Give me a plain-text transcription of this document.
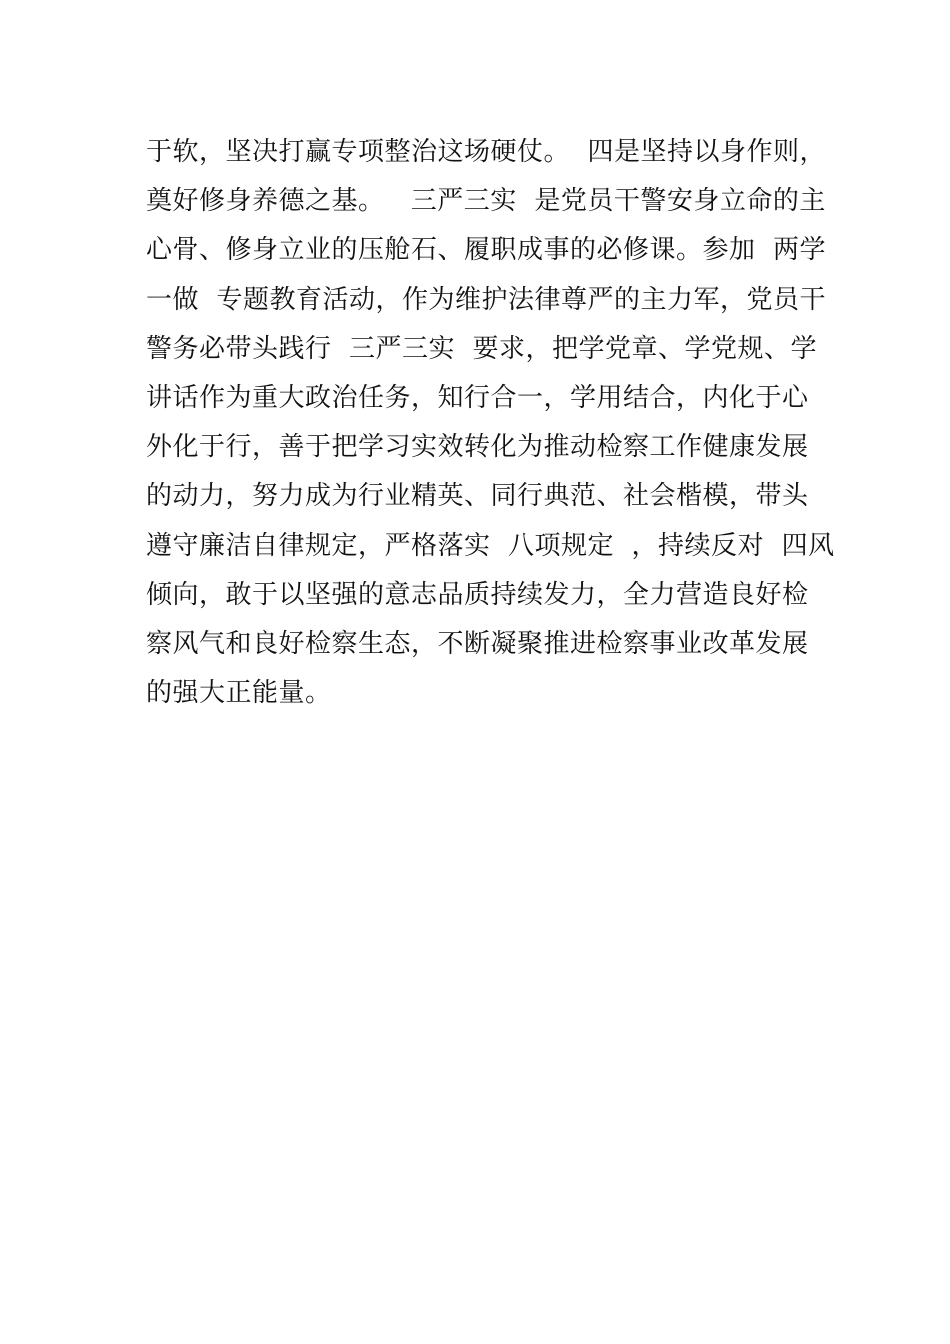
于软，坚决打赢专项整治这场硬仗。  四是坚持以身作则，
奠好修身养德之基。   三严三实  是党员干警安身立命的主
心骨、修身立业的压舱石、履职成事的必修课。参加  两学
一做  专题教育活动，作为维护法律尊严的主力军，党员干
警务必带头践行  三严三实  要求，把学党章、学党规、学
讲话作为重大政治任务，知行合一，学用结合，内化于心
外化于行，善于把学习实效转化为推动检察工作健康发展
的动力，努力成为行业精英、同行典范、社会楷模，带头
遵守廉洁自律规定，严格落实  八项规定  ，持续反对  四风
倾向，敢于以坚强的意志品质持续发力，全力营造良好检
察风气和良好检察生态，不断凝聚推进检察事业改革发展
的强大正能量。
